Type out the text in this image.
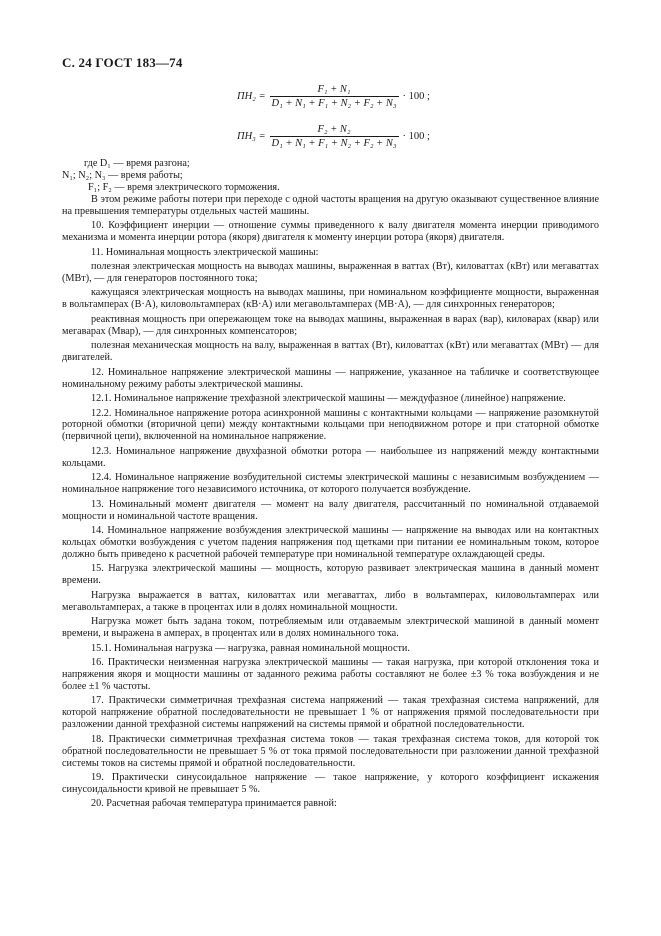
С. 24 ГОСТ 183—74
$ПН_2 = \frac{\text{F₁ + N₁}}{\text{D₁ + N₁ + F₁ + N₂ + F₂ + N₃}} \cdot 100$ ;
$ПН_3 = \frac{\text{F₂ + N₂}}{\text{D₁ + N₁ + F₁ + N₂ + F₂ + N₃}} \cdot 100$ ;
где D₁ — время разгона;
N₁; N₂; N₃ — время работы;
F₁; F₂ — время электрического торможения.

В этом режиме работы потери при переходе с одной частоты вращения на другую оказывают существенное влияние на превышения температуры отдельных частей машины.

10. Коэффициент инерции — отношение суммы приведенного к валу двигателя момента инерции приводимого механизма и момента инерции ротора (якоря) двигателя к моменту инерции ротора (якоря) двигателя.

11. Номинальная мощность электрической машины:

полезная электрическая мощность на выводах машины, выраженная в ваттах (Вт), киловаттах (кВт) или мегаваттах (МВт), — для генераторов постоянного тока;

кажущаяся электрическая мощность на выводах машины, при номинальном коэффициенте мощности, выраженная в вольтамперах (В·А), киловольтамперах (кВ·А) или мегавольтамперах (МВ·А), — для синхронных генераторов;

реактивная мощность при опережающем токе на выводах машины, выраженная в варах (вар), киловарах (квар) или мегаварах (Мвар), — для синхронных компенсаторов;

полезная механическая мощность на валу, выраженная в ваттах (Вт), киловаттах (кВт) или мегаваттах (МВт) — для двигателей.

12. Номинальное напряжение электрической машины — напряжение, указанное на табличке и соответствующее номинальному режиму работы электрической машины.

12.1. Номинальное напряжение трехфазной электрической машины — междуфазное (линейное) напряжение.

12.2. Номинальное напряжение ротора асинхронной машины с контактными кольцами — напряжение разомкнутой роторной обмотки (вторичной цепи) между контактными кольцами при неподвижном роторе и при статорной обмотке (первичной цепи), включенной на номинальное напряжение.

12.3. Номинальное напряжение двухфазной обмотки ротора — наибольшее из напряжений между контактными кольцами.

12.4. Номинальное напряжение возбудительной системы электрической машины с независимым возбуждением — номинальное напряжение того независимого источника, от которого получается возбуждение.

13. Номинальный момент двигателя — момент на валу двигателя, рассчитанный по номинальной отдаваемой мощности и номинальной частоте вращения.

14. Номинальное напряжение возбуждения электрической машины — напряжение на выводах или на контактных кольцах обмотки возбуждения с учетом падения напряжения под щетками при питании ее номинальным током, которое должно быть приведено к расчетной рабочей температуре при номинальной температуре охлаждающей среды.

15. Нагрузка электрической машины — мощность, которую развивает электрическая машина в данный момент времени.

Нагрузка выражается в ваттах, киловаттах или мегаваттах, либо в вольтамперах, киловольтамперах или мегавольтамперах, а также в процентах или в долях номинальной мощности.

Нагрузка может быть задана током, потребляемым или отдаваемым электрической машиной в данный момент времени, и выражена в амперах, в процентах или в долях номинального тока.

15.1. Номинальная нагрузка — нагрузка, равная номинальной мощности.

16. Практически неизменная нагрузка электрической машины — такая нагрузка, при которой отклонения тока и напряжения якоря и мощности машины от заданного режима работы составляют не более ±3 % тока возбуждения и не более ±1 % частоты.

17. Практически симметричная трехфазная система напряжений — такая трехфазная система напряжений, для которой напряжение обратной последовательности не превышает 1 % от напряжения прямой последовательности при разложении данной трехфазной системы напряжений на системы прямой и обратной последовательности.

18. Практически симметричная трехфазная система токов — такая трехфазная система токов, для которой ток обратной последовательности не превышает 5 % от тока прямой последовательности при разложении данной трехфазной системы токов на системы прямой и обратной последовательности.

19. Практически синусоидальное напряжение — такое напряжение, у которого коэффициент искажения синусоидальности кривой не превышает 5 %.

20. Расчетная рабочая температура принимается равной:
